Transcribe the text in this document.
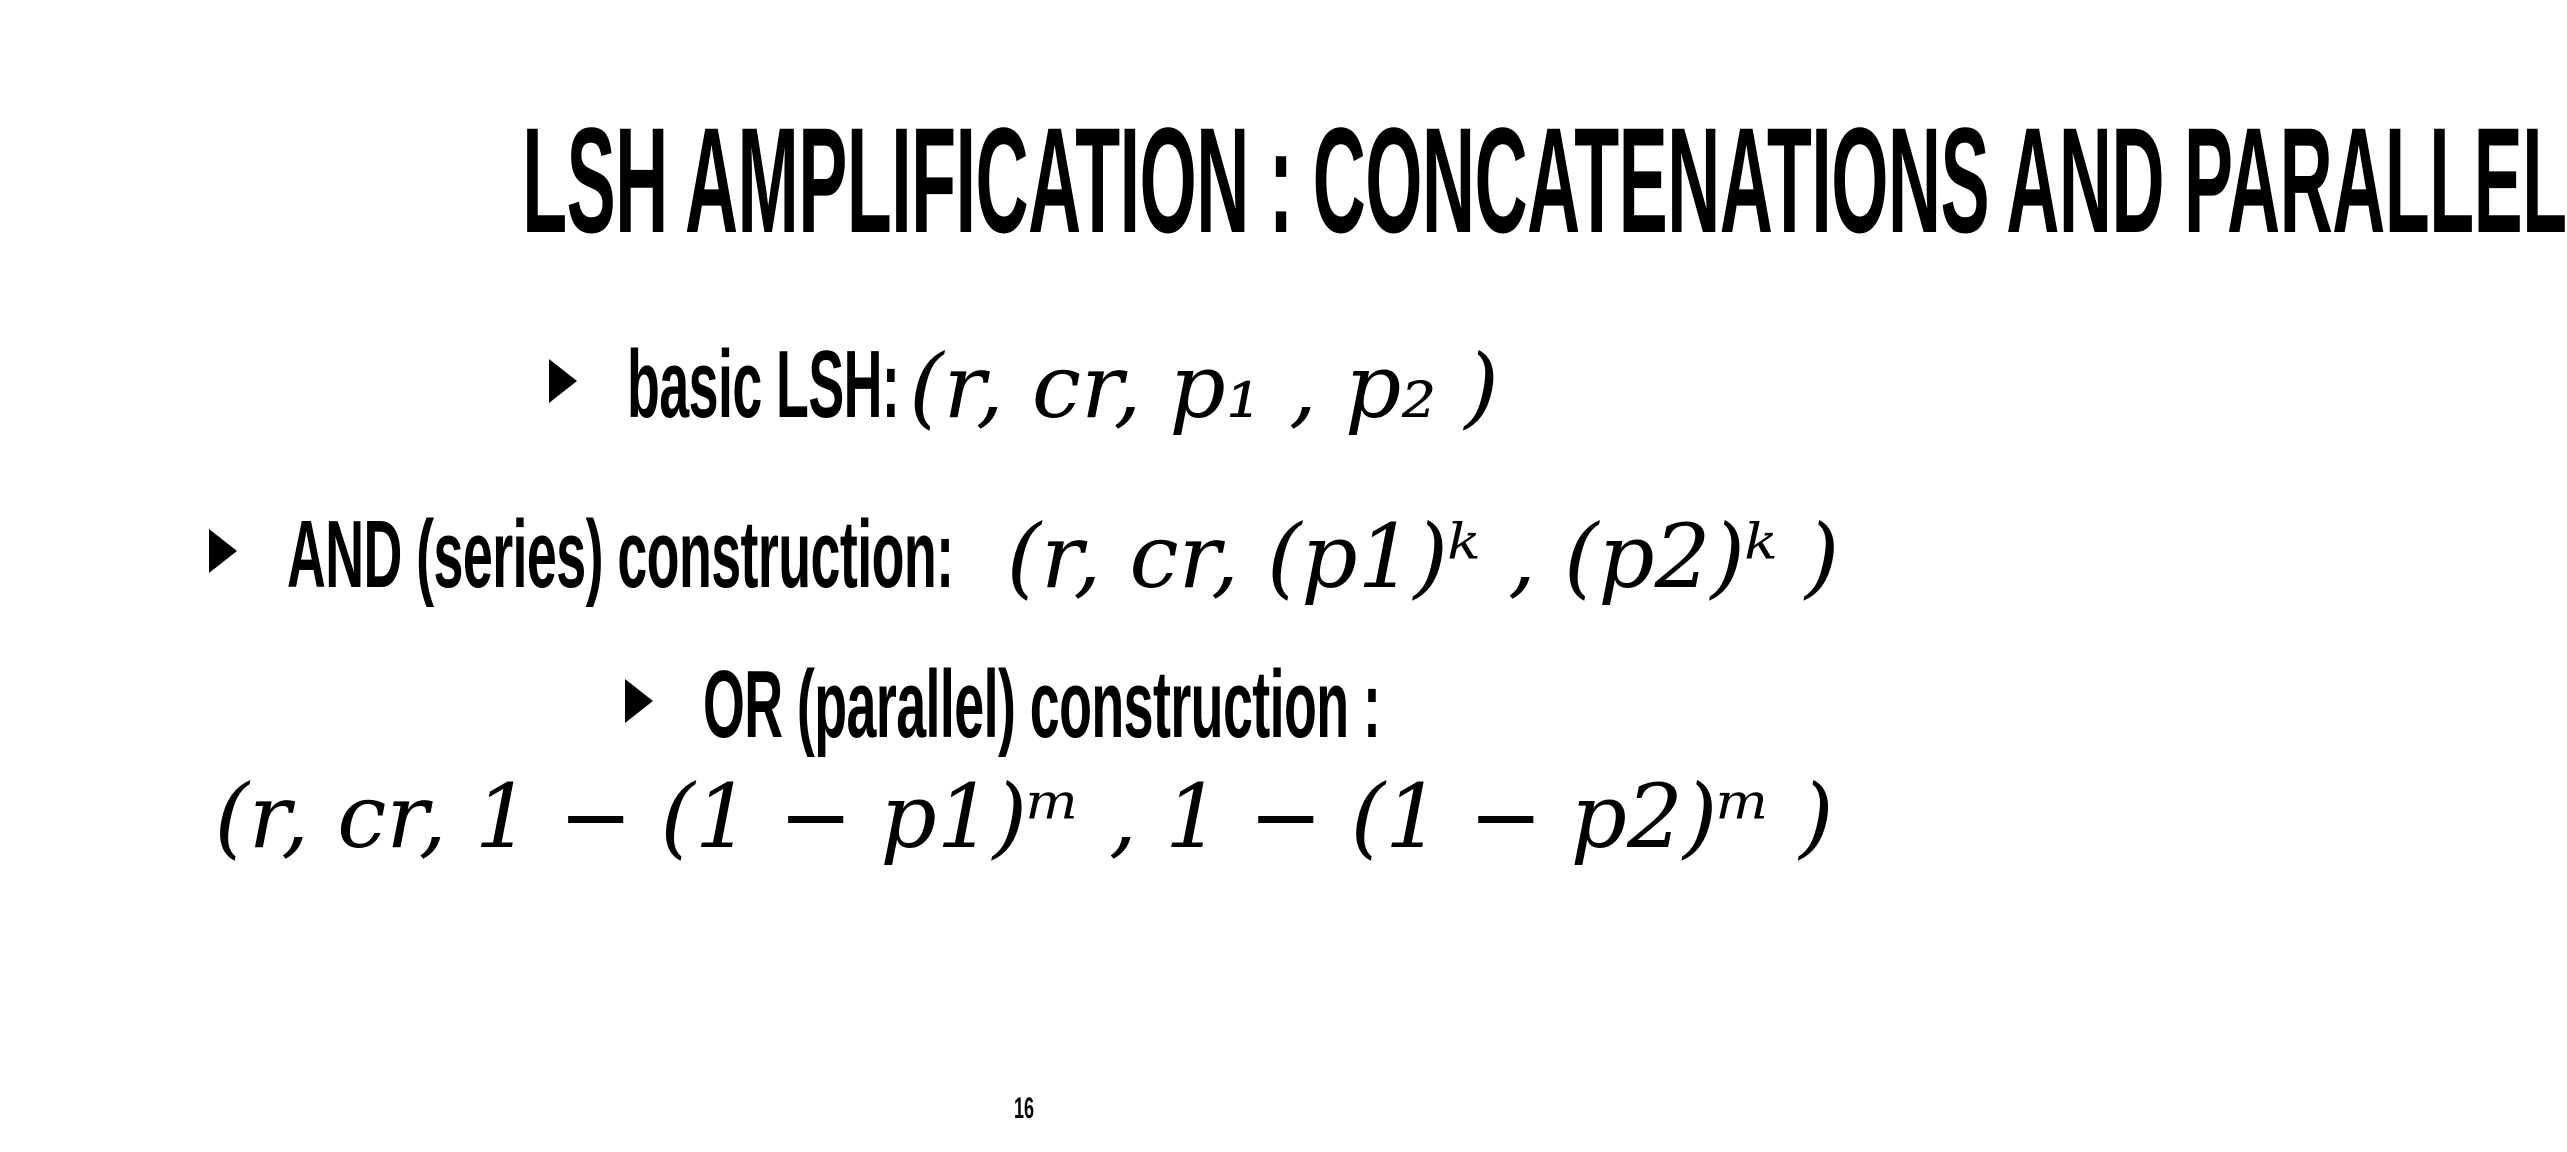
LSH AMPLIFICATION : CONCATENATIONS AND PARALLEL
basic LSH: (r, cr, p₁ , p₂ )
AND (series) construction: (r, cr, (p1)ᵏ , (p2)ᵏ )
OR (parallel) construction :
(r, cr, 1 − (1 − p1)ᵐ , 1 − (1 − p2)ᵐ )
16
